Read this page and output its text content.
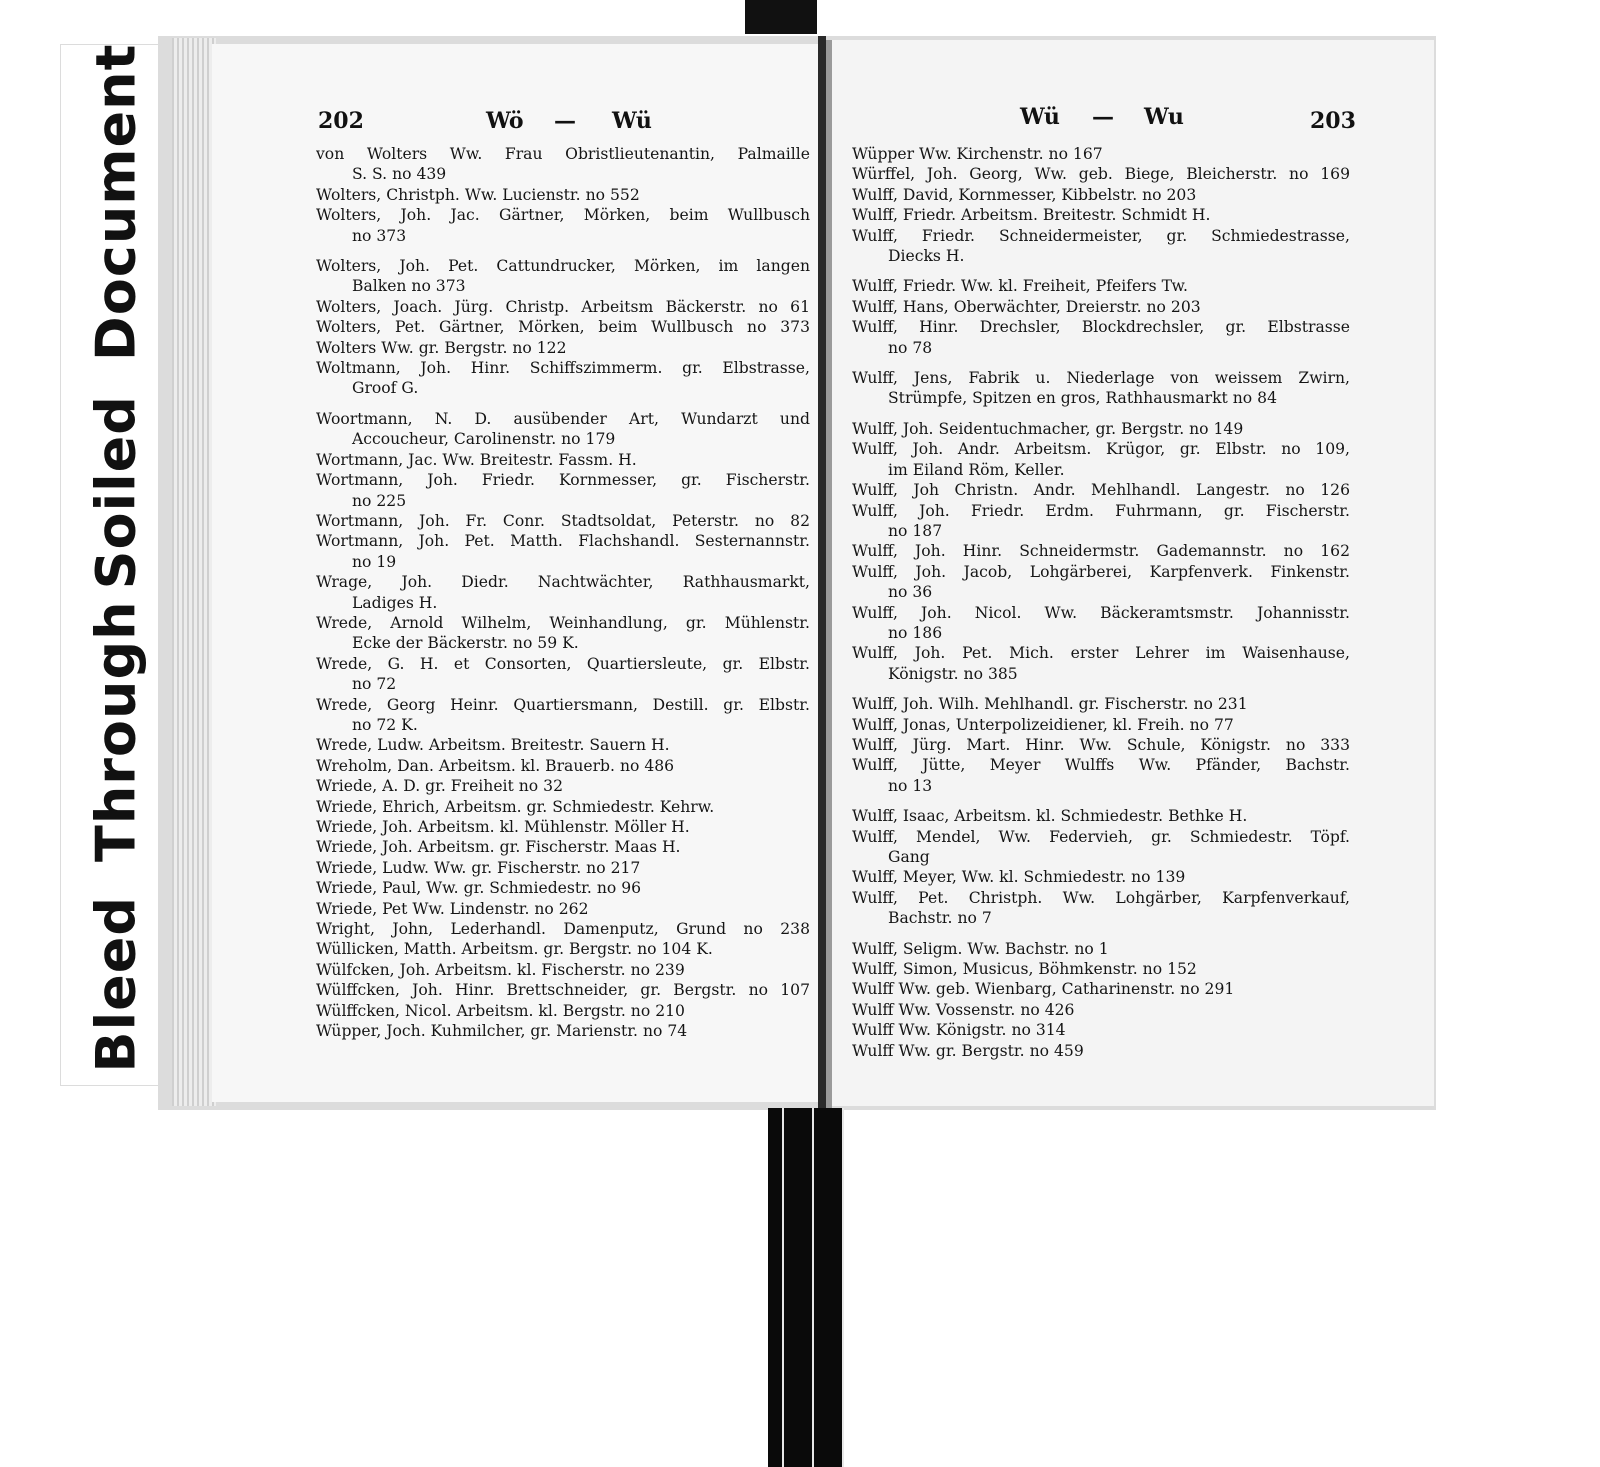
SoiledDocument
BleedThrough
202	Wö — Wü	Wü — Wu	203
von Wolters Ww. Frau Obristlieutenantin, Palmaille
S. S. no 439
Wolters, Christph. Ww. Lucienstr. no 552
Wolters, Joh. Jac. Gärtner, Mörken, beim Wullbusch
no 373
Wolters, Joh. Pet. Cattundrucker, Mörken, im langen
Balken no 373
Wolters, Joach. Jürg. Christp. Arbeitsm Bäckerstr. no 61
Wolters, Pet. Gärtner, Mörken, beim Wullbusch no 373
Wolters Ww. gr. Bergstr. no 122
Woltmann, Joh. Hinr. Schiffszimmerm. gr. Elbstrasse,
Groof G.
Woortmann, N. D. ausübender Art, Wundarzt und
Accoucheur, Carolinenstr. no 179
Wortmann, Jac. Ww. Breitestr. Fassm. H.
Wortmann, Joh. Friedr. Kornmesser, gr. Fischerstr.
no 225
Wortmann, Joh. Fr. Conr. Stadtsoldat, Peterstr. no 82
Wortmann, Joh. Pet. Matth. Flachshandl. Sesternannstr.
no 19
Wrage, Joh. Diedr. Nachtwächter, Rathhausmarkt,
Ladiges H.
Wrede, Arnold Wilhelm, Weinhandlung, gr. Mühlenstr.
Ecke der Bäckerstr. no 59 K.
Wrede, G. H. et Consorten, Quartiersleute, gr. Elbstr.
no 72
Wrede, Georg Heinr. Quartiersmann, Destill. gr. Elbstr.
no 72 K.
Wrede, Ludw. Arbeitsm. Breitestr. Sauern H.
Wreholm, Dan. Arbeitsm. kl. Brauerb. no 486
Wriede, A. D. gr. Freiheit no 32
Wriede, Ehrich, Arbeitsm. gr. Schmiedestr. Kehrw.
Wriede, Joh. Arbeitsm. kl. Mühlenstr. Möller H.
Wriede, Joh. Arbeitsm. gr. Fischerstr. Maas H.
Wriede, Ludw. Ww. gr. Fischerstr. no 217
Wriede, Paul, Ww. gr. Schmiedestr. no 96
Wriede, Pet Ww. Lindenstr. no 262
Wright, John, Lederhandl. Damenputz, Grund no 238
Wüllicken, Matth. Arbeitsm. gr. Bergstr. no 104 K.
Wülfcken, Joh. Arbeitsm. kl. Fischerstr. no 239
Wülffcken, Joh. Hinr. Brettschneider, gr. Bergstr. no 107
Wülffcken, Nicol. Arbeitsm. kl. Bergstr. no 210
Wüpper, Joch. Kuhmilcher, gr. Marienstr. no 74
Wüpper Ww. Kirchenstr. no 167
Würffel, Joh. Georg, Ww. geb. Biege, Bleicherstr. no 169
Wulff, David, Kornmesser, Kibbelstr. no 203
Wulff, Friedr. Arbeitsm. Breitestr. Schmidt H.
Wulff, Friedr. Schneidermeister, gr. Schmiedestrasse,
Diecks H.
Wulff, Friedr. Ww. kl. Freiheit, Pfeifers Tw.
Wulff, Hans, Oberwächter, Dreierstr. no 203
Wulff, Hinr. Drechsler, Blockdrechsler, gr. Elbstrasse
no 78
Wulff, Jens, Fabrik u. Niederlage von weissem Zwirn,
Strümpfe, Spitzen en gros, Rathhausmarkt no 84
Wulff, Joh. Seidentuchmacher, gr. Bergstr. no 149
Wulff, Joh. Andr. Arbeitsm. Krügor, gr. Elbstr. no 109,
im Eiland Röm, Keller.
Wulff, Joh Christn. Andr. Mehlhandl. Langestr. no 126
Wulff, Joh. Friedr. Erdm. Fuhrmann, gr. Fischerstr.
no 187
Wulff, Joh. Hinr. Schneidermstr. Gademannstr. no 162
Wulff, Joh. Jacob, Lohgärberei, Karpfenverk. Finkenstr.
no 36
Wulff, Joh. Nicol. Ww. Bäckeramtsmstr. Johannisstr.
no 186
Wulff, Joh. Pet. Mich. erster Lehrer im Waisenhause,
Königstr. no 385
Wulff, Joh. Wilh. Mehlhandl. gr. Fischerstr. no 231
Wulff, Jonas, Unterpolizeidiener, kl. Freih. no 77
Wulff, Jürg. Mart. Hinr. Ww. Schule, Königstr. no 333
Wulff, Jütte, Meyer Wulffs Ww. Pfänder, Bachstr.
no 13
Wulff, Isaac, Arbeitsm. kl. Schmiedestr. Bethke H.
Wulff, Mendel, Ww. Federvieh, gr. Schmiedestr. Töpf.
Gang
Wulff, Meyer, Ww. kl. Schmiedestr. no 139
Wulff, Pet. Christph. Ww. Lohgärber, Karpfenverkauf,
Bachstr. no 7
Wulff, Seligm. Ww. Bachstr. no 1
Wulff, Simon, Musicus, Böhmkenstr. no 152
Wulff Ww. geb. Wienbarg, Catharinenstr. no 291
Wulff Ww. Vossenstr. no 426
Wulff Ww. Königstr. no 314
Wulff Ww. gr. Bergstr. no 459
